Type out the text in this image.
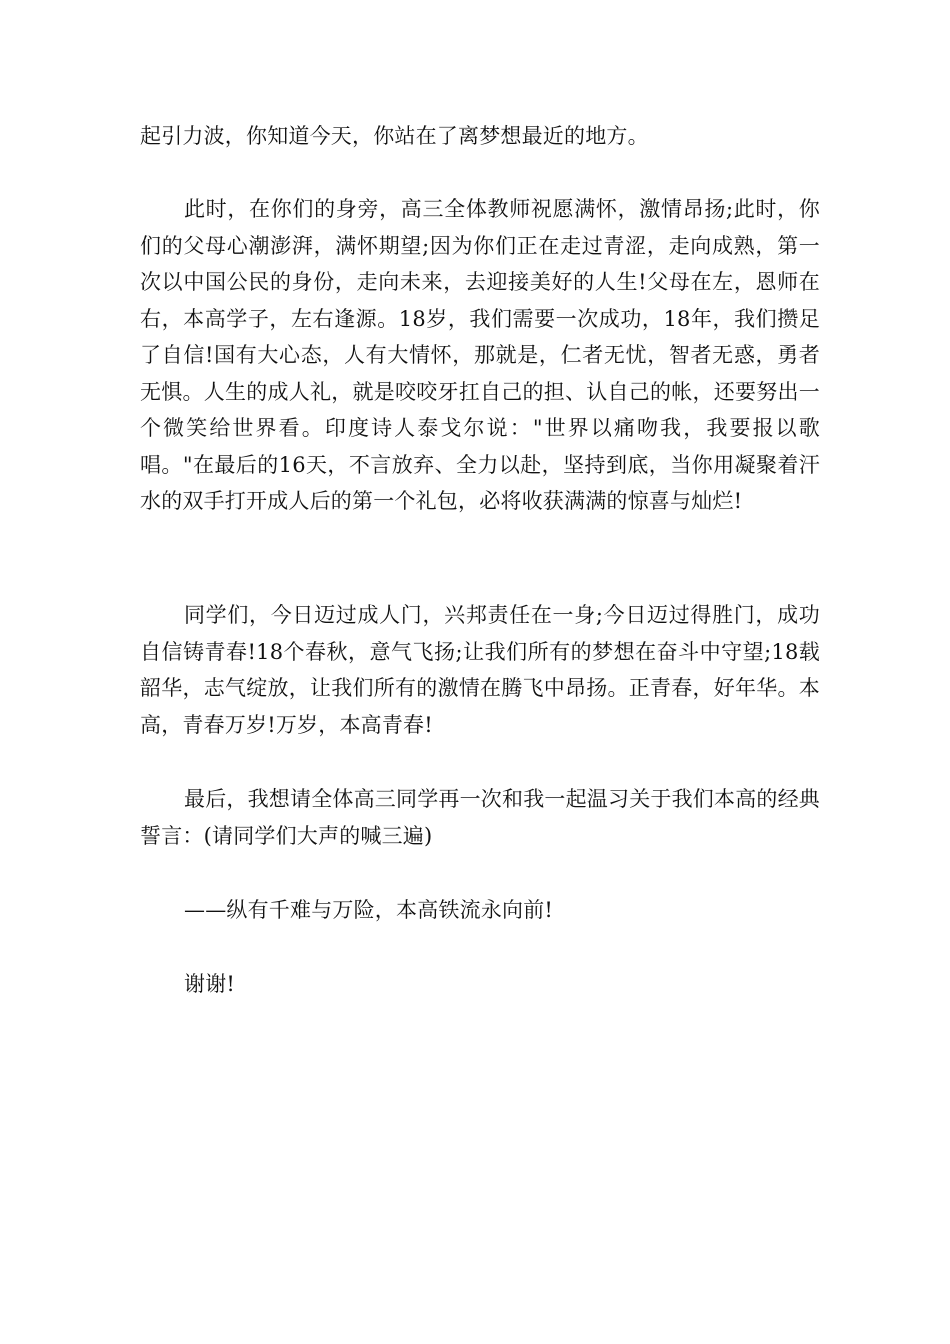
起引力波，你知道今天，你站在了离梦想最近的地方。

此时，在你们的身旁，高三全体教师祝愿满怀，激情昂扬;此时，你们的父母心潮澎湃，满怀期望;因为你们正在走过青涩，走向成熟，第一次以中国公民的身份，走向未来，去迎接美好的人生!父母在左，恩师在右，本高学子，左右逢源。18岁，我们需要一次成功，18年，我们攒足了自信!国有大心态，人有大情怀，那就是，仁者无忧，智者无惑，勇者无惧。人生的成人礼，就是咬咬牙扛自己的担、认自己的帐，还要努出一个微笑给世界看。印度诗人泰戈尔说："世界以痛吻我，我要报以歌唱。"在最后的16天，不言放弃、全力以赴，坚持到底，当你用凝聚着汗水的双手打开成人后的第一个礼包，必将收获满满的惊喜与灿烂!

同学们，今日迈过成人门，兴邦责任在一身;今日迈过得胜门，成功自信铸青春!18个春秋，意气飞扬;让我们所有的梦想在奋斗中守望;18载韶华，志气绽放，让我们所有的激情在腾飞中昂扬。正青春，好年华。本高，青春万岁!万岁，本高青春!

最后，我想请全体高三同学再一次和我一起温习关于我们本高的经典誓言：(请同学们大声的喊三遍)

——纵有千难与万险，本高铁流永向前!

谢谢!
